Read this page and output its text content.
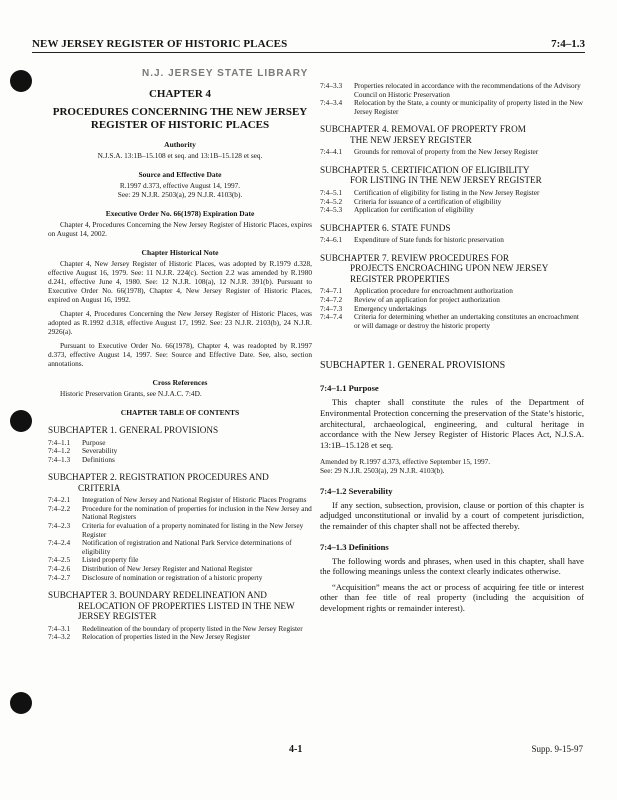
NEW JERSEY REGISTER OF HISTORIC PLACES	7:4–1.3
N.J. JERSEY STATE LIBRARY
CHAPTER 4
PROCEDURES CONCERNING THE NEW JERSEY REGISTER OF HISTORIC PLACES
Authority

N.J.S.A. 13:1B–15.108 et seq. and 13:1B–15.128 et seq.

Source and Effective Date

R.1997 d.373, effective August 14, 1997.

See: 29 N.J.R. 2503(a), 29 N.J.R. 4103(b).

Executive Order No. 66(1978) Expiration Date

Chapter 4, Procedures Concerning the New Jersey Register of Historic Places, expires on August 14, 2002.

Chapter Historical Note

Chapter 4, New Jersey Register of Historic Places, was adopted by R.1979 d.328, effective August 16, 1979. See: 11 N.J.R. 224(c). Section 2.2 was amended by R.1980 d.241, effective June 4, 1980. See: 12 N.J.R. 108(a), 12 N.J.R. 391(b). Pursuant to Executive Order No. 66(1978), Chapter 4, New Jersey Register of Historic Places, expired on August 16, 1992.

Chapter 4, Procedures Concerning the New Jersey Register of Historic Places, was adopted as R.1992 d.318, effective August 17, 1992. See: 23 N.J.R. 2103(b), 24 N.J.R. 2926(a).

Pursuant to Executive Order No. 66(1978), Chapter 4, was readopted by R.1997 d.373, effective August 14, 1997. See: Source and Effective Date. See, also, section annotations.

Cross References

Historic Preservation Grants, see N.J.A.C. 7:4D.

CHAPTER TABLE OF CONTENTS
SUBCHAPTER 1. GENERAL PROVISIONS
7:4–1.1	Purpose
7:4–1.2	Severability
7:4–1.3	Definitions
SUBCHAPTER 2. REGISTRATION PROCEDURES AND
CRITERIA
7:4–2.1	Integration of New Jersey and National Register of Historic Places Programs
7:4–2.2	Procedure for the nomination of properties for inclusion in the New Jersey and National Registers
7:4–2.3	Criteria for evaluation of a property nominated for listing in the New Jersey Register
7:4–2.4	Notification of registration and National Park Service determinations of eligibility
7:4–2.5	Listed property file
7:4–2.6	Distribution of New Jersey Register and National Register
7:4–2.7	Disclosure of nomination or registration of a historic property
SUBCHAPTER 3. BOUNDARY REDELINEATION AND
RELOCATION OF PROPERTIES LISTED IN THE NEW JERSEY REGISTER
7:4–3.1	Redelineation of the boundary of property listed in the New Jersey Register
7:4–3.2	Relocation of properties listed in the New Jersey Register
7:4–3.3	Properties relocated in accordance with the recommendations of the Advisory Council on Historic Preservation
7:4–3.4	Relocation by the State, a county or municipality of property listed in the New Jersey Register
SUBCHAPTER 4. REMOVAL OF PROPERTY FROM
THE NEW JERSEY REGISTER
7:4–4.1	Grounds for removal of property from the New Jersey Register
SUBCHAPTER 5. CERTIFICATION OF ELIGIBILITY
FOR LISTING IN THE NEW JERSEY REGISTER
7:4–5.1	Certification of eligibility for listing in the New Jersey Register
7:4–5.2	Criteria for issuance of a certification of eligibility
7:4–5.3	Application for certification of eligibility
SUBCHAPTER 6. STATE FUNDS
7:4–6.1	Expenditure of State funds for historic preservation
SUBCHAPTER 7. REVIEW PROCEDURES FOR
PROJECTS ENCROACHING UPON NEW JERSEY REGISTER PROPERTIES
7:4–7.1	Application procedure for encroachment authorization
7:4–7.2	Review of an application for project authorization
7:4–7.3	Emergency undertakings
7:4–7.4	Criteria for determining whether an undertaking constitutes an encroachment or will damage or destroy the historic property
SUBCHAPTER 1. GENERAL PROVISIONS
7:4–1.1 Purpose

This chapter shall constitute the rules of the Department of Environmental Protection concerning the preservation of the State’s historic, architectural, archaeological, engineering, and cultural heritage in accordance with the New Jersey Register of Historic Places Act, N.J.S.A. 13:1B–15.128 et seq.

Amended by R.1997 d.373, effective September 15, 1997.

See: 29 N.J.R. 2503(a), 29 N.J.R. 4103(b).

7:4–1.2 Severability

If any section, subsection, provision, clause or portion of this chapter is adjudged unconstitutional or invalid by a court of competent jurisdiction, the remainder of this chapter shall not be affected thereby.

7:4–1.3 Definitions

The following words and phrases, when used in this chapter, shall have the following meanings unless the context clearly indicates otherwise.

“Acquisition” means the act or process of acquiring fee title or interest other than fee title of real property (including the acquisition of development rights or remainder interest).

4-1	Supp. 9-15-97
